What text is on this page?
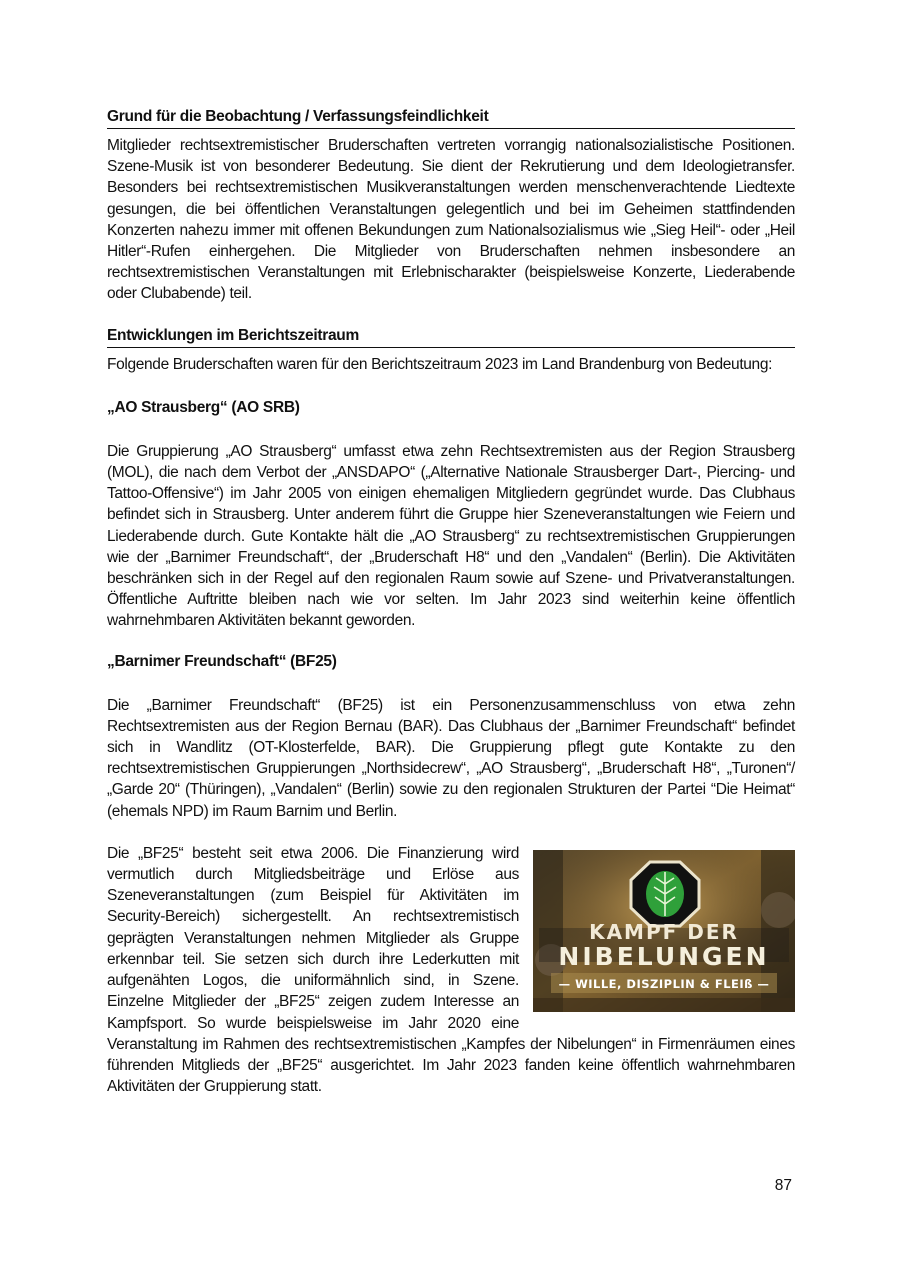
Grund für die Beobachtung / Verfassungsfeindlichkeit

Mitglieder rechtsextremistischer Bruderschaften vertreten vorrangig nationalsozialistische Positionen. Szene-Musik ist von besonderer Bedeutung. Sie dient der Rekrutierung und dem Ideologietransfer. Besonders bei rechtsextremistischen Musikveranstaltungen werden menschenverachtende Liedtexte gesungen, die bei öffentlichen Veranstaltungen gelegentlich und bei im Geheimen stattfindenden Konzerten nahezu immer mit offenen Bekundungen zum Nationalsozialismus wie „Sieg Heil“- oder „Heil Hitler“-Rufen einhergehen. Die Mitglieder von Bruderschaften nehmen insbesondere an rechtsextremistischen Veranstaltungen mit Erlebnischarakter (beispielsweise Konzerte, Liederabende oder Clubabende) teil.

Entwicklungen im Berichtszeitraum

Folgende Bruderschaften waren für den Berichtszeitraum 2023 im Land Brandenburg von Bedeutung:

„AO Strausberg“ (AO SRB)

Die Gruppierung „AO Strausberg“ umfasst etwa zehn Rechtsextremisten aus der Region Strausberg (MOL), die nach dem Verbot der „ANSDAPO“ („Alternative Nationale Strausberger Dart-, Piercing- und Tattoo-Offensive“) im Jahr 2005 von einigen ehemaligen Mitgliedern gegründet wurde. Das Clubhaus befindet sich in Strausberg. Unter anderem führt die Gruppe hier Szeneveranstaltungen wie Feiern und Liederabende durch. Gute Kontakte hält die „AO Strausberg“ zu rechtsextremistischen Gruppierungen wie der „Barnimer Freundschaft“, der „Bruderschaft H8“ und den „Vandalen“ (Berlin). Die Aktivitäten beschränken sich in der Regel auf den regionalen Raum sowie auf Szene- und Privatveranstaltungen. Öffentliche Auftritte bleiben nach wie vor selten. Im Jahr 2023 sind weiterhin keine öffentlich wahrnehmbaren Aktivitäten bekannt geworden.

„Barnimer Freundschaft“ (BF25)

Die „Barnimer Freundschaft“ (BF25) ist ein Personenzusammenschluss von etwa zehn Rechtsextremisten aus der Region Bernau (BAR). Das Clubhaus der „Barnimer Freundschaft“ befindet sich in Wandlitz (OT-Klosterfelde, BAR). Die Gruppierung pflegt gute Kontakte zu den rechtsextremistischen Gruppierungen „Northsidecrew“, „AO Strausberg“, „Bruderschaft H8“, „Turonen“/ „Garde 20“ (Thüringen), „Vandalen“ (Berlin) sowie zu den regionalen Strukturen der Partei “Die Heimat“ (ehemals NPD) im Raum Barnim und Berlin.

KAMPF DER
NIBELUNGEN
— WILLE, DISZIPLIN & FLEIß —

Die „BF25“ besteht seit etwa 2006. Die Finanzierung wird vermutlich durch Mitgliedsbeiträge und Erlöse aus Szeneveranstaltungen (zum Beispiel für Aktivitäten im Security-Bereich) sichergestellt. An rechtsextremistisch geprägten Veranstaltungen nehmen Mitglieder als Gruppe erkennbar teil. Sie setzen sich durch ihre Lederkutten mit aufgenähten Logos, die uniformähnlich sind, in Szene. Einzelne Mitglieder der „BF25“ zeigen zudem Interesse an Kampfsport. So wurde beispielsweise im Jahr 2020 eine Veranstaltung im Rahmen des rechtsextremistischen „Kampfes der Nibelungen“ in Firmenräumen eines führenden Mitglieds der „BF25“ ausgerichtet. Im Jahr 2023 fanden keine öffentlich wahrnehmbaren Aktivitäten der Gruppierung statt.

87
